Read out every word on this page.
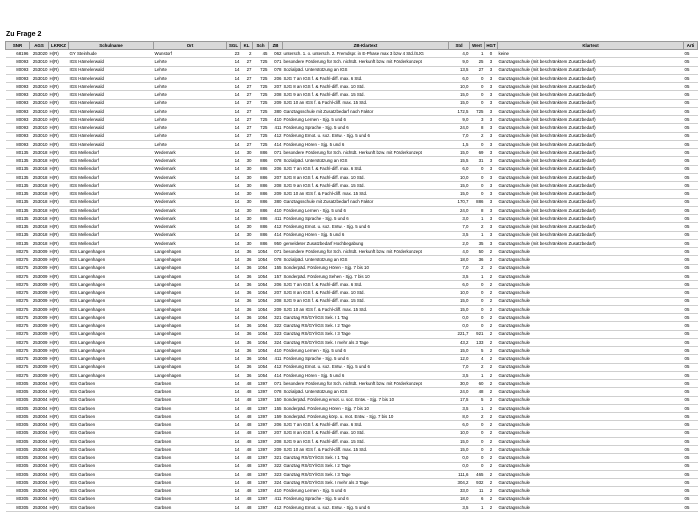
Zu Frage 2
SNR	AGS	LKRKZ	Schulname	Ort	SGL	KL	Sch	ZB	ZB-Klartext	Std	Wert	HGT	Klartext	Arti
68196	253020	H(R)	GY Steinhude	Wunstorf	23	2	45	062	untersch. 1. o. untersch. 2. Fremdspr. in E-Phase max 3 bzw 4 Std./SJG	4,0	1	0	keine	05
80093	253010	H(R)	IGS Hämelerwald	Lehrte	14	27	725	071	besondere Förderung für Sch. nichtdt. Herkunft bzw. mit Förderkonzept	9,0	25	3	Ganztagsschule (mit beschränktem Zusatzbedarf)	05
80093	253010	H(R)	IGS Hämelerwald	Lehrte	14	27	725	078	Sozialpäd. Unterstützung an IGS	13,5	27	3	Ganztagsschule (mit beschränktem Zusatzbedarf)	05
80093	253010	H(R)	IGS Hämelerwald	Lehrte	14	27	725	206	SJG 7 an IGS f. & Fachl-diff. max. 6 Std.	6,0	0	3	Ganztagsschule (mit beschränktem Zusatzbedarf)	05
80093	253010	H(R)	IGS Hämelerwald	Lehrte	14	27	725	207	SJG 8 an IGS f. & Fachl-diff. max. 10 Std.	10,0	0	3	Ganztagsschule (mit beschränktem Zusatzbedarf)	05
80093	253010	H(R)	IGS Hämelerwald	Lehrte	14	27	725	208	SJG 9 an IGS f. & Fachl-diff. max. 15 Std.	15,0	0	3	Ganztagsschule (mit beschränktem Zusatzbedarf)	05
80093	253010	H(R)	IGS Hämelerwald	Lehrte	14	27	725	209	SJG 10 an IGS f. & Fachl-diff. max. 15 Std.	15,0	0	3	Ganztagsschule (mit beschränktem Zusatzbedarf)	05
80093	253010	H(R)	IGS Hämelerwald	Lehrte	14	27	725	380	Ganztagsschule mit Zusatzbedarf nach Faktor	172,5	725	3	Ganztagsschule (mit beschränktem Zusatzbedarf)	05
80093	253010	H(R)	IGS Hämelerwald	Lehrte	14	27	725	410	Förderung Lernen - Sjg. 5 und 6	9,0	3	3	Ganztagsschule (mit beschränktem Zusatzbedarf)	05
80093	253010	H(R)	IGS Hämelerwald	Lehrte	14	27	725	411	Förderung Sprache - Sjg. 5 und 6	24,0	8	3	Ganztagsschule (mit beschränktem Zusatzbedarf)	05
80093	253010	H(R)	IGS Hämelerwald	Lehrte	14	27	725	412	Förderung Emot. u. soz. Entw. - Sjg. 5 und 6	7,0	2	3	Ganztagsschule (mit beschränktem Zusatzbedarf)	05
80093	253010	H(R)	IGS Hämelerwald	Lehrte	14	27	725	414	Förderung Hören - Sjg. 5 und 6	1,5	0	3	Ganztagsschule (mit beschränktem Zusatzbedarf)	05
80135	253018	H(R)	IGS Mellendorf	Wedemark	14	30	886	071	besondere Förderung für Sch. nichtdt. Herkunft bzw. mit Förderkonzept	15,0	69	3	Ganztagsschule (mit beschränktem Zusatzbedarf)	05
80135	253018	H(R)	IGS Mellendorf	Wedemark	14	30	886	078	Sozialpäd. Unterstützung an IGS	15,5	31	3	Ganztagsschule (mit beschränktem Zusatzbedarf)	05
80135	253018	H(R)	IGS Mellendorf	Wedemark	14	30	886	206	SJG 7 an IGS f. & Fachl-diff. max. 6 Std.	6,0	0	3	Ganztagsschule (mit beschränktem Zusatzbedarf)	05
80135	253018	H(R)	IGS Mellendorf	Wedemark	14	30	886	207	SJG 8 an IGS f. & Fachl-diff. max. 10 Std.	10,0	0	3	Ganztagsschule (mit beschränktem Zusatzbedarf)	05
80135	253018	H(R)	IGS Mellendorf	Wedemark	14	30	886	208	SJG 9 an IGS f. & Fachl-diff. max. 15 Std.	15,0	0	3	Ganztagsschule (mit beschränktem Zusatzbedarf)	05
80135	253018	H(R)	IGS Mellendorf	Wedemark	14	30	886	209	SJG 10 an IGS f. & Fachl-diff. max. 15 Std.	15,0	0	3	Ganztagsschule (mit beschränktem Zusatzbedarf)	05
80135	253018	H(R)	IGS Mellendorf	Wedemark	14	30	886	380	Ganztagsschule mit Zusatzbedarf nach Faktor	170,7	886	3	Ganztagsschule (mit beschränktem Zusatzbedarf)	05
80135	253018	H(R)	IGS Mellendorf	Wedemark	14	30	886	410	Förderung Lernen - Sjg. 5 und 6	24,0	8	3	Ganztagsschule (mit beschränktem Zusatzbedarf)	05
80135	253018	H(R)	IGS Mellendorf	Wedemark	14	30	886	411	Förderung Sprache - Sjg. 5 und 6	3,0	1	3	Ganztagsschule (mit beschränktem Zusatzbedarf)	05
80135	253018	H(R)	IGS Mellendorf	Wedemark	14	30	886	412	Förderung Emot. u. soz. Entw. - Sjg. 5 und 6	7,0	2	3	Ganztagsschule (mit beschränktem Zusatzbedarf)	05
80135	253018	H(R)	IGS Mellendorf	Wedemark	14	30	886	414	Förderung Hören - Sjg. 5 und 6	3,5	1	3	Ganztagsschule (mit beschränktem Zusatzbedarf)	05
80135	253018	H(R)	IGS Mellendorf	Wedemark	14	30	886	950	gemeldeter Zusatzbedarf Hochbegabung	2,0	35	3	Ganztagsschule (mit beschränktem Zusatzbedarf)	05
80275	253009	H(R)	IGS Langenhagen	Langenhagen	14	36	1054	071	besondere Förderung für Sch. nichtdt. Herkunft bzw. mit Förderkonzept	4,0	50	2	Ganztagsschule	05
80275	253009	H(R)	IGS Langenhagen	Langenhagen	14	36	1054	078	Sozialpäd. Unterstützung an IGS	18,0	36	2	Ganztagsschule	05
80275	253009	H(R)	IGS Langenhagen	Langenhagen	14	36	1054	155	Sonderpäd. Förderung Hören - Sjg. 7 bis 10	7,0	2	2	Ganztagsschule	05
80275	253009	H(R)	IGS Langenhagen	Langenhagen	14	36	1054	157	Sonderpäd. Förderung Sehen - Sjg. 7 bis 10	3,5	1	2	Ganztagsschule	05
80275	253009	H(R)	IGS Langenhagen	Langenhagen	14	36	1054	206	SJG 7 an IGS f. & Fachl-diff. max. 6 Std.	6,0	0	2	Ganztagsschule	05
80275	253009	H(R)	IGS Langenhagen	Langenhagen	14	36	1054	207	SJG 8 an IGS f. & Fachl-diff. max. 10 Std.	10,0	0	2	Ganztagsschule	05
80275	253009	H(R)	IGS Langenhagen	Langenhagen	14	36	1054	208	SJG 9 an IGS f. & Fachl-diff. max. 15 Std.	15,0	0	2	Ganztagsschule	05
80275	253009	H(R)	IGS Langenhagen	Langenhagen	14	36	1054	209	SJG 10 an IGS f. & Fachl-diff. max. 15 Std.	15,0	0	2	Ganztagsschule	05
80275	253009	H(R)	IGS Langenhagen	Langenhagen	14	36	1054	321	Ganztag RS/GY/IGS Sek. I 1 Tag	0,0	0	2	Ganztagsschule	05
80275	253009	H(R)	IGS Langenhagen	Langenhagen	14	36	1054	322	Ganztag RS/GY/IGS Sek. I 2 Tage	0,0	0	2	Ganztagsschule	05
80275	253009	H(R)	IGS Langenhagen	Langenhagen	14	36	1054	323	Ganztag RS/GY/IGS Sek. I 3 Tage	221,7	921	2	Ganztagsschule	05
80275	253009	H(R)	IGS Langenhagen	Langenhagen	14	36	1054	324	Ganztag RS/GY/IGS Sek. I mehr als 3 Tage	43,2	133	2	Ganztagsschule	05
80275	253009	H(R)	IGS Langenhagen	Langenhagen	14	36	1054	410	Förderung Lernen - Sjg. 5 und 6	15,0	5	2	Ganztagsschule	05
80275	253009	H(R)	IGS Langenhagen	Langenhagen	14	36	1054	411	Förderung Sprache - Sjg. 5 und 6	12,0	4	2	Ganztagsschule	05
80275	253009	H(R)	IGS Langenhagen	Langenhagen	14	36	1054	412	Förderung Emot. u. soz. Entw. - Sjg. 5 und 6	7,0	2	2	Ganztagsschule	05
80275	253009	H(R)	IGS Langenhagen	Langenhagen	14	36	1054	414	Förderung Hören - Sjg. 5 und 6	3,5	1	2	Ganztagsschule	05
80305	253004	H(R)	IGS Garbsen	Garbsen	14	48	1397	071	besondere Förderung für Sch. nichtdt. Herkunft bzw. mit Förderkonzept	30,0	60	2	Ganztagsschule	05
80305	253004	H(R)	IGS Garbsen	Garbsen	14	48	1397	078	Sozialpäd. Unterstützung an IGS	24,0	48	2	Ganztagsschule	05
80305	253004	H(R)	IGS Garbsen	Garbsen	14	48	1397	150	Sonderpäd. Förderung emot. u. soz. Entw. - Sjg. 7 bis 10	17,5	5	2	Ganztagsschule	05
80305	253004	H(R)	IGS Garbsen	Garbsen	14	48	1397	155	Sonderpäd. Förderung Hören - Sjg. 7 bis 10	3,5	1	2	Ganztagsschule	05
80305	253004	H(R)	IGS Garbsen	Garbsen	14	48	1397	159	Sonderpäd. Förderung körp. u. mot. Entw. - Sjg. 7 bis 10	8,0	2	2	Ganztagsschule	05
80305	253004	H(R)	IGS Garbsen	Garbsen	14	48	1397	206	SJG 7 an IGS f. & Fachl-diff. max. 6 Std.	6,0	0	2	Ganztagsschule	05
80305	253004	H(R)	IGS Garbsen	Garbsen	14	48	1397	207	SJG 8 an IGS f. & Fachl-diff. max. 10 Std.	10,0	0	2	Ganztagsschule	05
80305	253004	H(R)	IGS Garbsen	Garbsen	14	48	1397	208	SJG 9 an IGS f. & Fachl-diff. max. 15 Std.	15,0	0	2	Ganztagsschule	05
80305	253004	H(R)	IGS Garbsen	Garbsen	14	48	1397	209	SJG 10 an IGS f. & Fachl-diff. max. 15 Std.	15,0	0	2	Ganztagsschule	05
80305	253004	H(R)	IGS Garbsen	Garbsen	14	48	1397	321	Ganztag RS/GY/IGS Sek. I 1 Tag	0,0	0	2	Ganztagsschule	05
80305	253004	H(R)	IGS Garbsen	Garbsen	14	48	1397	322	Ganztag RS/GY/IGS Sek. I 2 Tage	0,0	0	2	Ganztagsschule	05
80305	253004	H(R)	IGS Garbsen	Garbsen	14	48	1397	323	Ganztag RS/GY/IGS Sek. I 3 Tage	111,6	465	2	Ganztagsschule	05
80305	253004	H(R)	IGS Garbsen	Garbsen	14	48	1397	324	Ganztag RS/GY/IGS Sek. I mehr als 3 Tage	304,2	932	2	Ganztagsschule	05
80305	253004	H(R)	IGS Garbsen	Garbsen	14	48	1397	410	Förderung Lernen - Sjg. 5 und 6	33,0	11	2	Ganztagsschule	05
80305	253004	H(R)	IGS Garbsen	Garbsen	14	48	1397	411	Förderung Sprache - Sjg. 5 und 6	18,0	6	2	Ganztagsschule	05
80305	253004	H(R)	IGS Garbsen	Garbsen	14	48	1397	412	Förderung Emot. u. soz. Entw. - Sjg. 5 und 6	3,5	1	2	Ganztagsschule	05
